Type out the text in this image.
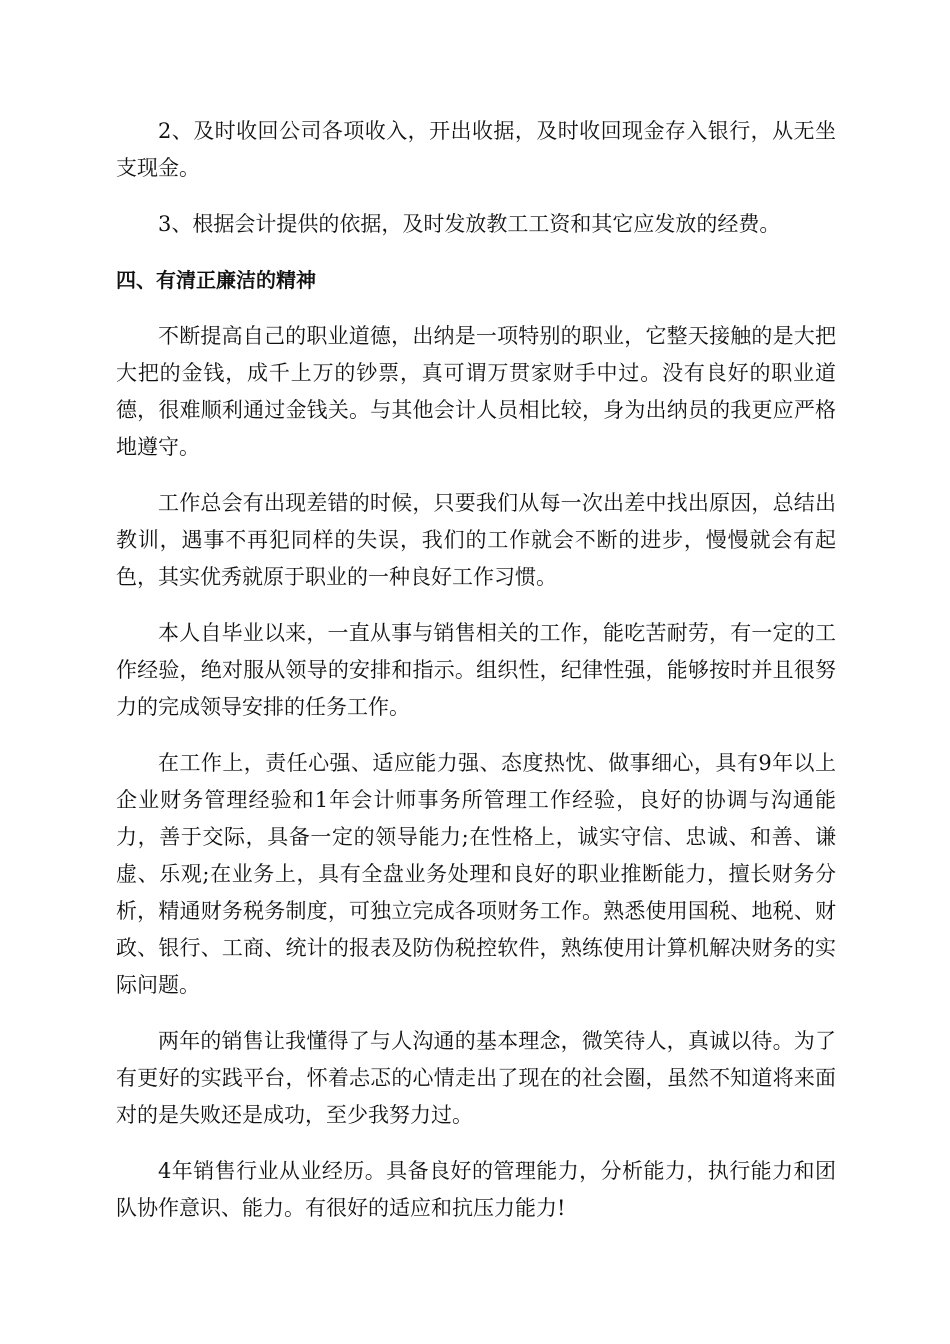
2、及时收回公司各项收入，开出收据，及时收回现金存入银行，从无坐支现金。

3、根据会计提供的依据，及时发放教工工资和其它应发放的经费。

四、有清正廉洁的精神

不断提高自己的职业道德，出纳是一项特别的职业，它整天接触的是大把大把的金钱，成千上万的钞票，真可谓万贯家财手中过。没有良好的职业道德，很难顺利通过金钱关。与其他会计人员相比较，身为出纳员的我更应严格地遵守。

工作总会有出现差错的时候，只要我们从每一次出差中找出原因，总结出教训，遇事不再犯同样的失误，我们的工作就会不断的进步，慢慢就会有起色，其实优秀就原于职业的一种良好工作习惯。

本人自毕业以来，一直从事与销售相关的工作，能吃苦耐劳，有一定的工作经验，绝对服从领导的安排和指示。组织性，纪律性强，能够按时并且很努力的完成领导安排的任务工作。

在工作上，责任心强、适应能力强、态度热忱、做事细心，具有9年以上企业财务管理经验和1年会计师事务所管理工作经验，良好的协调与沟通能力，善于交际，具备一定的领导能力;在性格上，诚实守信、忠诚、和善、谦虚、乐观;在业务上，具有全盘业务处理和良好的职业推断能力，擅长财务分析，精通财务税务制度，可独立完成各项财务工作。熟悉使用国税、地税、财政、银行、工商、统计的报表及防伪税控软件，熟练使用计算机解决财务的实际问题。

两年的销售让我懂得了与人沟通的基本理念，微笑待人，真诚以待。为了有更好的实践平台，怀着忐忑的心情走出了现在的社会圈，虽然不知道将来面对的是失败还是成功，至少我努力过。

4年销售行业从业经历。具备良好的管理能力，分析能力，执行能力和团队协作意识、能力。有很好的适应和抗压力能力!
